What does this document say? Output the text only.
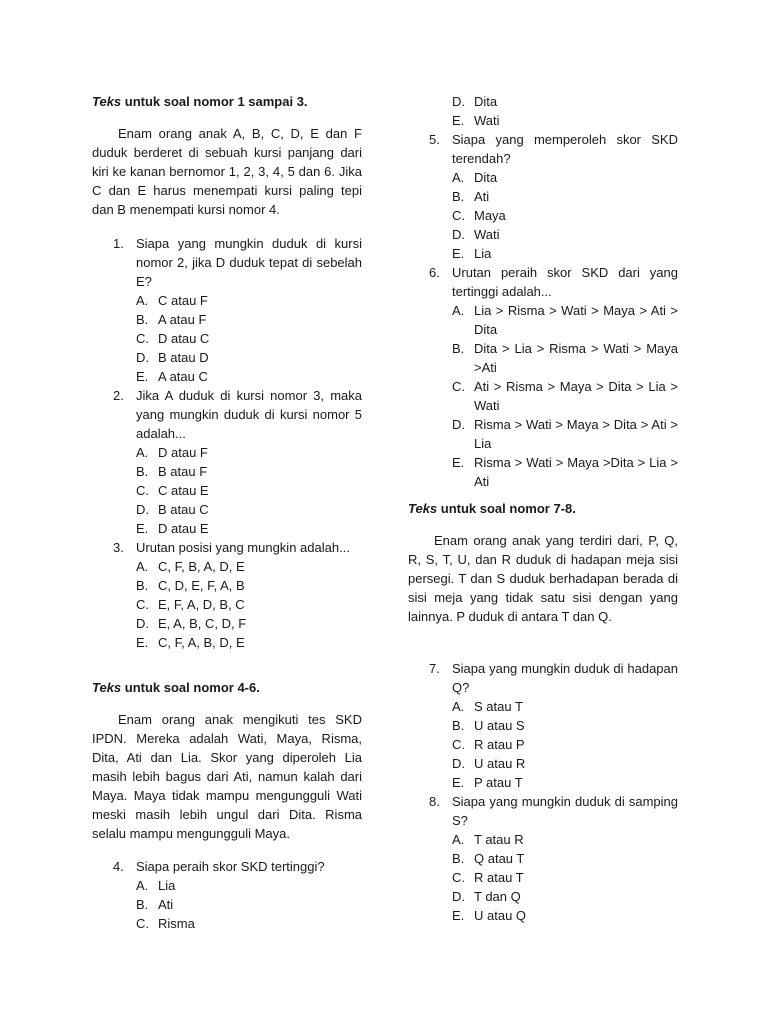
Teks untuk soal nomor 1 sampai 3.
Enam orang anak A, B, C, D, E dan F duduk berderet di sebuah kursi panjang dari kiri ke kanan bernomor 1, 2, 3, 4, 5 dan 6. Jika C dan E harus menempati kursi paling tepi dan B menempati kursi nomor 4.
1. Siapa yang mungkin duduk di kursi nomor 2, jika D duduk tepat di sebelah E?
A. C atau F
B. A atau F
C. D atau C
D. B atau D
E. A atau C
2. Jika A duduk di kursi nomor 3, maka yang mungkin duduk di kursi nomor 5 adalah...
A. D atau F
B. B atau F
C. C atau E
D. B atau C
E. D atau E
3. Urutan posisi yang mungkin adalah...
A. C, F, B, A, D, E
B. C, D, E, F, A, B
C. E, F, A, D, B, C
D. E, A, B, C, D, F
E. C, F, A, B, D, E
Teks untuk soal nomor 4-6.
Enam orang anak mengikuti tes SKD IPDN. Mereka adalah Wati, Maya, Risma, Dita, Ati dan Lia. Skor yang diperoleh Lia masih lebih bagus dari Ati, namun kalah dari Maya. Maya tidak mampu mengungguli Wati meski masih lebih ungul dari Dita. Risma selalu mampu mengungguli Maya.
4. Siapa peraih skor SKD tertinggi?
A. Lia
B. Ati
C. Risma
D. Dita
E. Wati
5. Siapa yang memperoleh skor SKD terendah?
A. Dita
B. Ati
C. Maya
D. Wati
E. Lia
6. Urutan peraih skor SKD dari yang tertinggi adalah...
A. Lia > Risma > Wati > Maya > Ati > Dita
B. Dita > Lia > Risma > Wati > Maya >Ati
C. Ati > Risma > Maya > Dita > Lia > Wati
D. Risma > Wati > Maya > Dita > Ati > Lia
E. Risma > Wati > Maya >Dita > Lia > Ati
Teks untuk soal nomor 7-8.
Enam orang anak yang terdiri dari, P, Q, R, S, T, U, dan R duduk di hadapan meja sisi persegi. T dan S duduk berhadapan berada di sisi meja yang tidak satu sisi dengan yang lainnya. P duduk di antara T dan Q.
7. Siapa yang mungkin duduk di hadapan Q?
A. S atau T
B. U atau S
C. R atau P
D. U atau R
E. P atau T
8. Siapa yang mungkin duduk di samping S?
A. T atau R
B. Q atau T
C. R atau T
D. T dan Q
E. U atau Q
